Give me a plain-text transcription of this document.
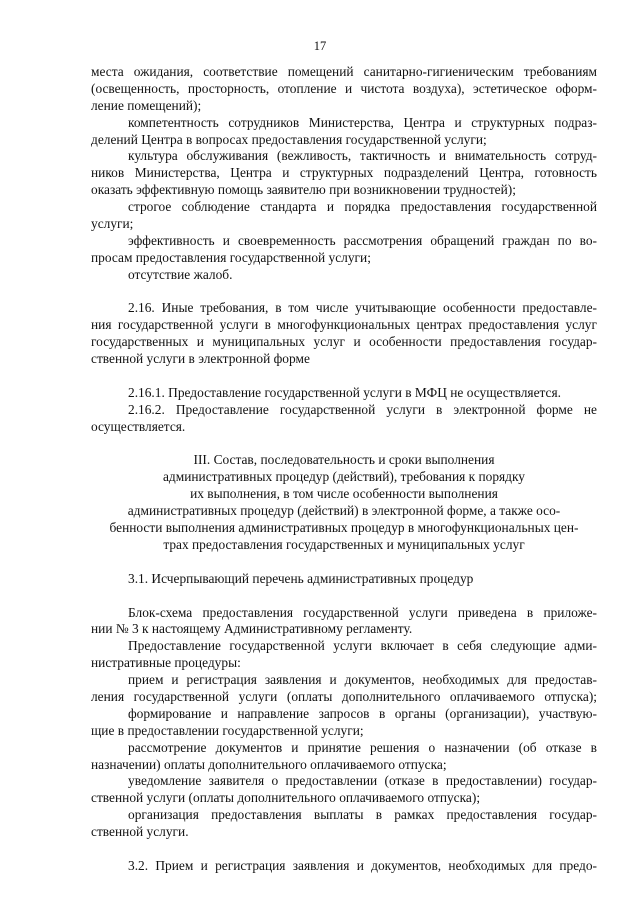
17
места ожидания, соответствие помещений санитарно-гигиеническим требованиям
(освещенность, просторность, отопление и чистота воздуха), эстетическое оформ-
ление помещений);
компетентность сотрудников Министерства, Центра и структурных подраз-
делений Центра в вопросах предоставления государственной услуги;
культура обслуживания (вежливость, тактичность и внимательность сотруд-
ников Министерства, Центра и структурных подразделений Центра, готовность
оказать эффективную помощь заявителю при возникновении трудностей);
строгое соблюдение стандарта и порядка предоставления государственной
услуги;
эффективность и своевременность рассмотрения обращений граждан по во-
просам предоставления государственной услуги;
отсутствие жалоб.
2.16. Иные требования, в том числе учитывающие особенности предоставле-
ния государственной услуги в многофункциональных центрах предоставления услуг
государственных и муниципальных услуг и особенности предоставления государ-
ственной услуги в электронной форме
2.16.1. Предоставление государственной услуги в МФЦ не осуществляется.
2.16.2. Предоставление государственной услуги в электронной форме не
осуществляется.
III. Состав, последовательность и сроки выполнения
административных процедур (действий), требования к порядку
их выполнения, в том числе особенности выполнения
административных процедур (действий) в электронной форме, а также осо-
бенности выполнения административных процедур в многофункциональных цен-
трах предоставления государственных и муниципальных услуг
3.1. Исчерпывающий перечень административных процедур
Блок-схема предоставления государственной услуги приведена в приложе-
нии № 3 к настоящему Административному регламенту.
Предоставление государственной услуги включает в себя следующие адми-
нистративные процедуры:
прием и регистрация заявления и документов, необходимых для предостав-
ления государственной услуги (оплаты дополнительного оплачиваемого отпуска);
формирование и направление запросов в органы (организации), участвую-
щие в предоставлении государственной услуги;
рассмотрение документов и принятие решения о назначении (об отказе в
назначении) оплаты дополнительного оплачиваемого отпуска;
уведомление заявителя о предоставлении (отказе в предоставлении) государ-
ственной услуги (оплаты дополнительного оплачиваемого отпуска);
организация предоставления выплаты в рамках предоставления государ-
ственной услуги.
3.2. Прием и регистрация заявления и документов, необходимых для предо-
